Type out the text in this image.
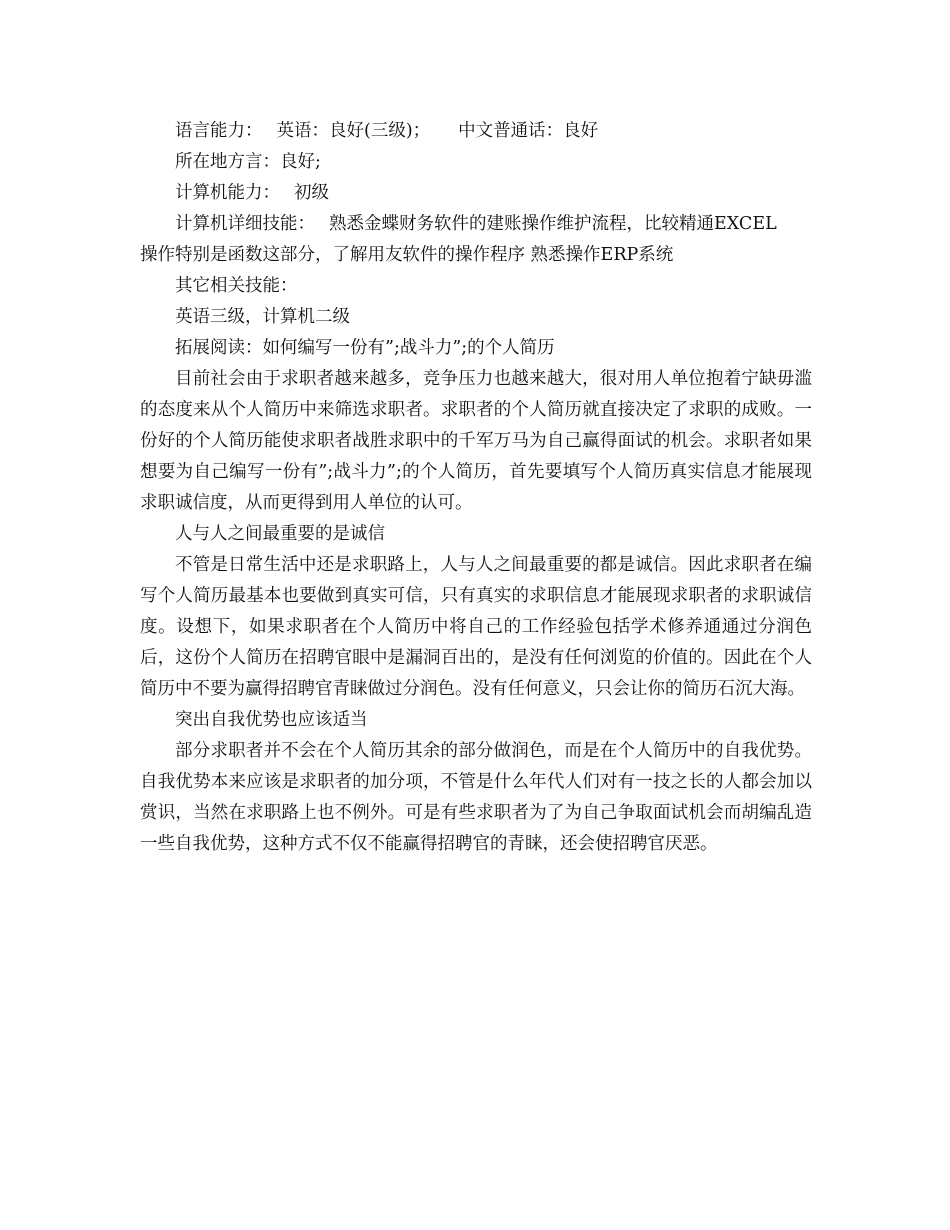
语言能力： 英语：良好(三级)； 中文普通话：良好
所在地方言：良好;
计算机能力： 初级
计算机详细技能： 熟悉金蝶财务软件的建账操作维护流程，比较精通EXCEL
操作特别是函数这部分，了解用友软件的操作程序 熟悉操作ERP系统
其它相关技能：
英语三级，计算机二级
拓展阅读：如何编写一份有”;战斗力”;的个人简历

目前社会由于求职者越来越多，竞争压力也越来越大，很对用人单位抱着宁缺毋滥的态度来从个人简历中来筛选求职者。求职者的个人简历就直接决定了求职的成败。一份好的个人简历能使求职者战胜求职中的千军万马为自己赢得面试的机会。求职者如果想要为自己编写一份有”;战斗力”;的个人简历，首先要填写个人简历真实信息才能展现求职诚信度，从而更得到用人单位的认可。

人与人之间最重要的是诚信

不管是日常生活中还是求职路上，人与人之间最重要的都是诚信。因此求职者在编写个人简历最基本也要做到真实可信，只有真实的求职信息才能展现求职者的求职诚信度。设想下，如果求职者在个人简历中将自己的工作经验包括学术修养通通过分润色后，这份个人简历在招聘官眼中是漏洞百出的，是没有任何浏览的价值的。因此在个人简历中不要为赢得招聘官青睐做过分润色。没有任何意义，只会让你的简历石沉大海。

突出自我优势也应该适当

部分求职者并不会在个人简历其余的部分做润色，而是在个人简历中的自我优势。自我优势本来应该是求职者的加分项，不管是什么年代人们对有一技之长的人都会加以赏识，当然在求职路上也不例外。可是有些求职者为了为自己争取面试机会而胡编乱造一些自我优势，这种方式不仅不能赢得招聘官的青睐，还会使招聘官厌恶。
